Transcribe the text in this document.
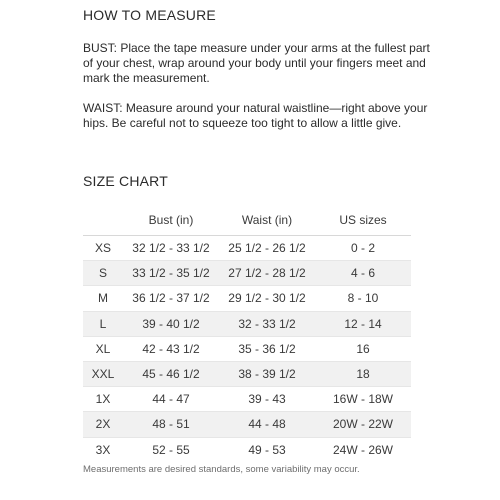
HOW TO MEASURE

BUST: Place the tape measure under your arms at the fullest part of your chest, wrap around your body until your fingers meet and mark the measurement.

WAIST: Measure around your natural waistline—right above your hips. Be careful not to squeeze too tight to allow a little give.

SIZE CHART
	Bust (in)	Waist (in)	US sizes
XS	32 1/2 - 33 1/2	25 1/2 - 26 1/2	0 - 2
S	33 1/2 - 35 1/2	27 1/2 - 28 1/2	4 - 6
M	36 1/2 - 37 1/2	29 1/2 - 30 1/2	8 - 10
L	39 - 40 1/2	32 - 33 1/2	12 - 14
XL	42 - 43 1/2	35 - 36 1/2	16
XXL	45 - 46 1/2	38 - 39 1/2	18
1X	44 - 47	39 - 43	16W - 18W
2X	48 - 51	44 - 48	20W - 22W
3X	52 - 55	49 - 53	24W - 26W

Measurements are desired standards, some variability may occur.
